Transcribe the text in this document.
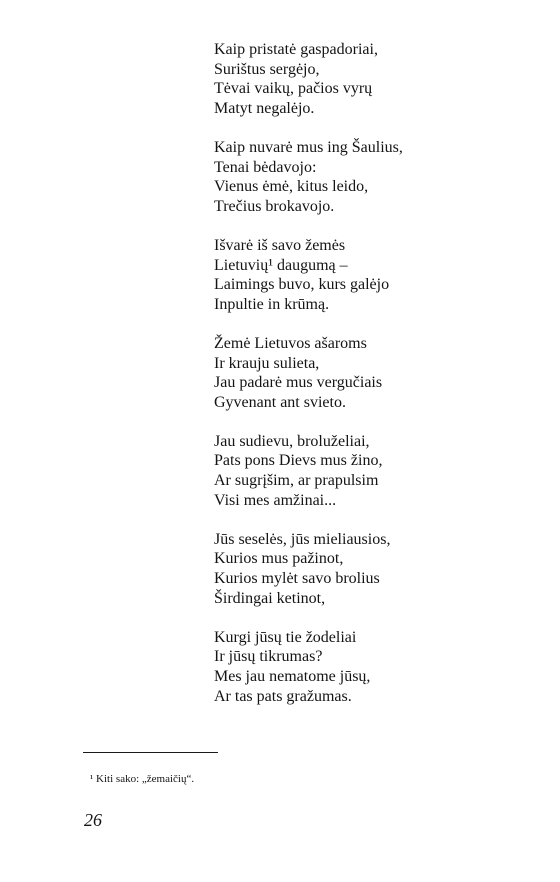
Kaip pristatė gaspadoriai,
Surištus sergėjo,
Tėvai vaikų, pačios vyrų
Matyt negalėjo.
Kaip nuvarė mus ing Šaulius,
Tenai bėdavojo:
Vienus ėmė, kitus leido,
Trečius brokavojo.
Išvarė iš savo žemės
Lietuvių¹ daugumą –
Laimings buvo, kurs galėjo
Inpultie in krūmą.
Žemė Lietuvos ašaroms
Ir krauju sulieta,
Jau padarė mus vergučiais
Gyvenant ant svieto.
Jau sudievu, broluželiai,
Pats pons Dievs mus žino,
Ar sugrįšim, ar prapulsim
Visi mes amžinai...
Jūs seselės, jūs mieliausios,
Kurios mus pažinot,
Kurios mylėt savo brolius
Širdingai ketinot,
Kurgi jūsų tie žodeliai
Ir jūsų tikrumas?
Mes jau nematome jūsų,
Ar tas pats gražumas.
¹ Kiti sako: „žemaičių“.
26
